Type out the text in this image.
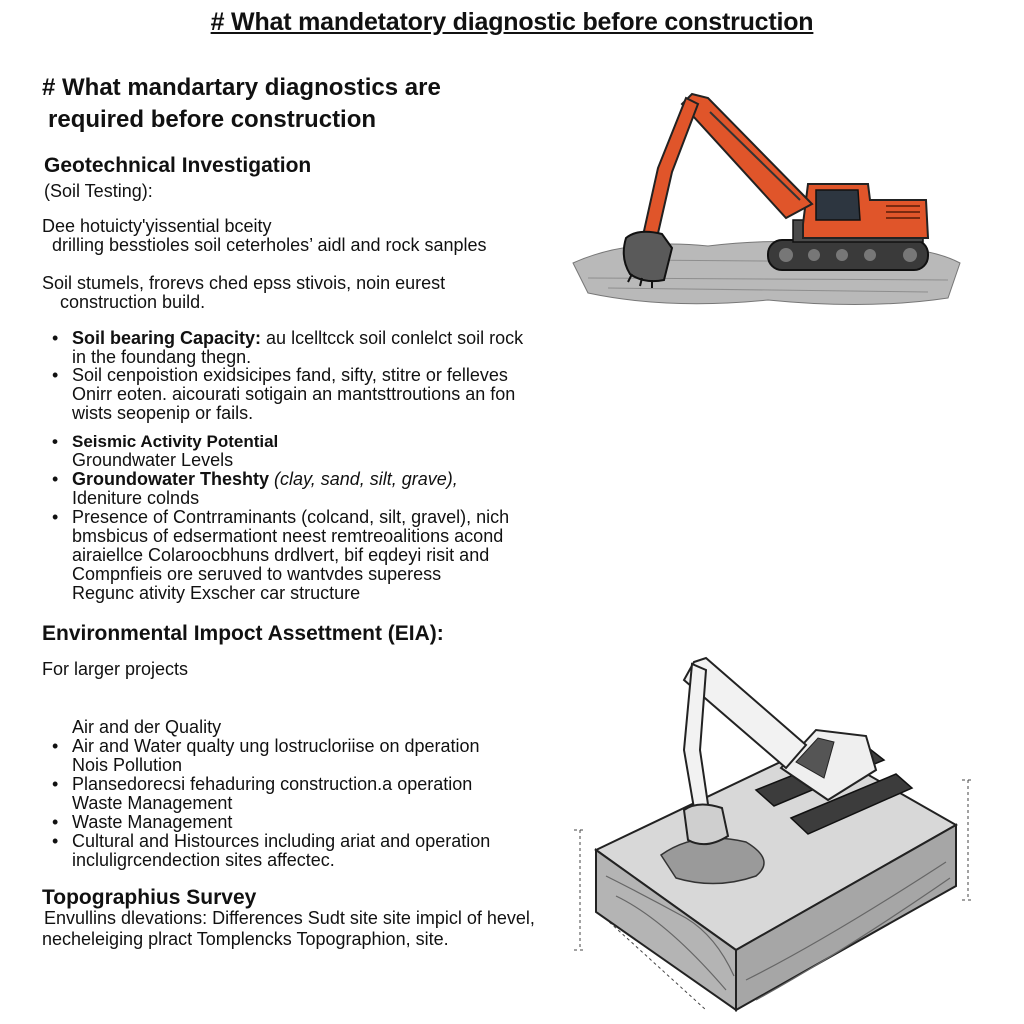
# What mandetatory diagnostic before construction
# What mandartary diagnostics are
required before construction
Geotechnical Investigation
(Soil Testing):
Dee hotuicty'yissential bceity
drilling besstioles soil ceterholes’ aidl and rock sanples
Soil stumels, frorevs ched epss stivois, noin eurest
construction build.
• Soil bearing Capacity: au lcelltcck soil conlelct soil rock
in the foundang thegn.
• Soil cenpoistion exidsicipes fand, sifty, stitre or felleves
Onirr eoten. aicourati sotigain an mantsttroutions an fon
wists seopenip or fails.
• Seismic Activity Potential
Groundwater Levels
• Groundowater Theshty (clay, sand, silt, grave),
Ideniture colnds
• Presence of Contrraminants (colcand, silt, gravel), nich
bmsbicus of edsermationt neest remtreoalitions acond
airaiellce Colaroocbhuns drdlvert, bif eqdeyi risit and
Compnfieis ore seruved to wantvdes superess
Regunc ativity Exscher car structure
Environmental Impoct Assettment (EIA):
For larger projects
Air and der Quality
• Air and Water qualty ung lostrucloriise on dperation
Nois Pollution
• Plansedorecsi fehaduring construction.a operation
Waste Management
• Waste Management
• Cultural and Histources including ariat and operation
incluligrcendection sites affectec.
Topographius Survey
Envullins dlevations: Differences Sudt site site impicl of hevel,
necheleiging plract Tomplencks Topographion, site.
